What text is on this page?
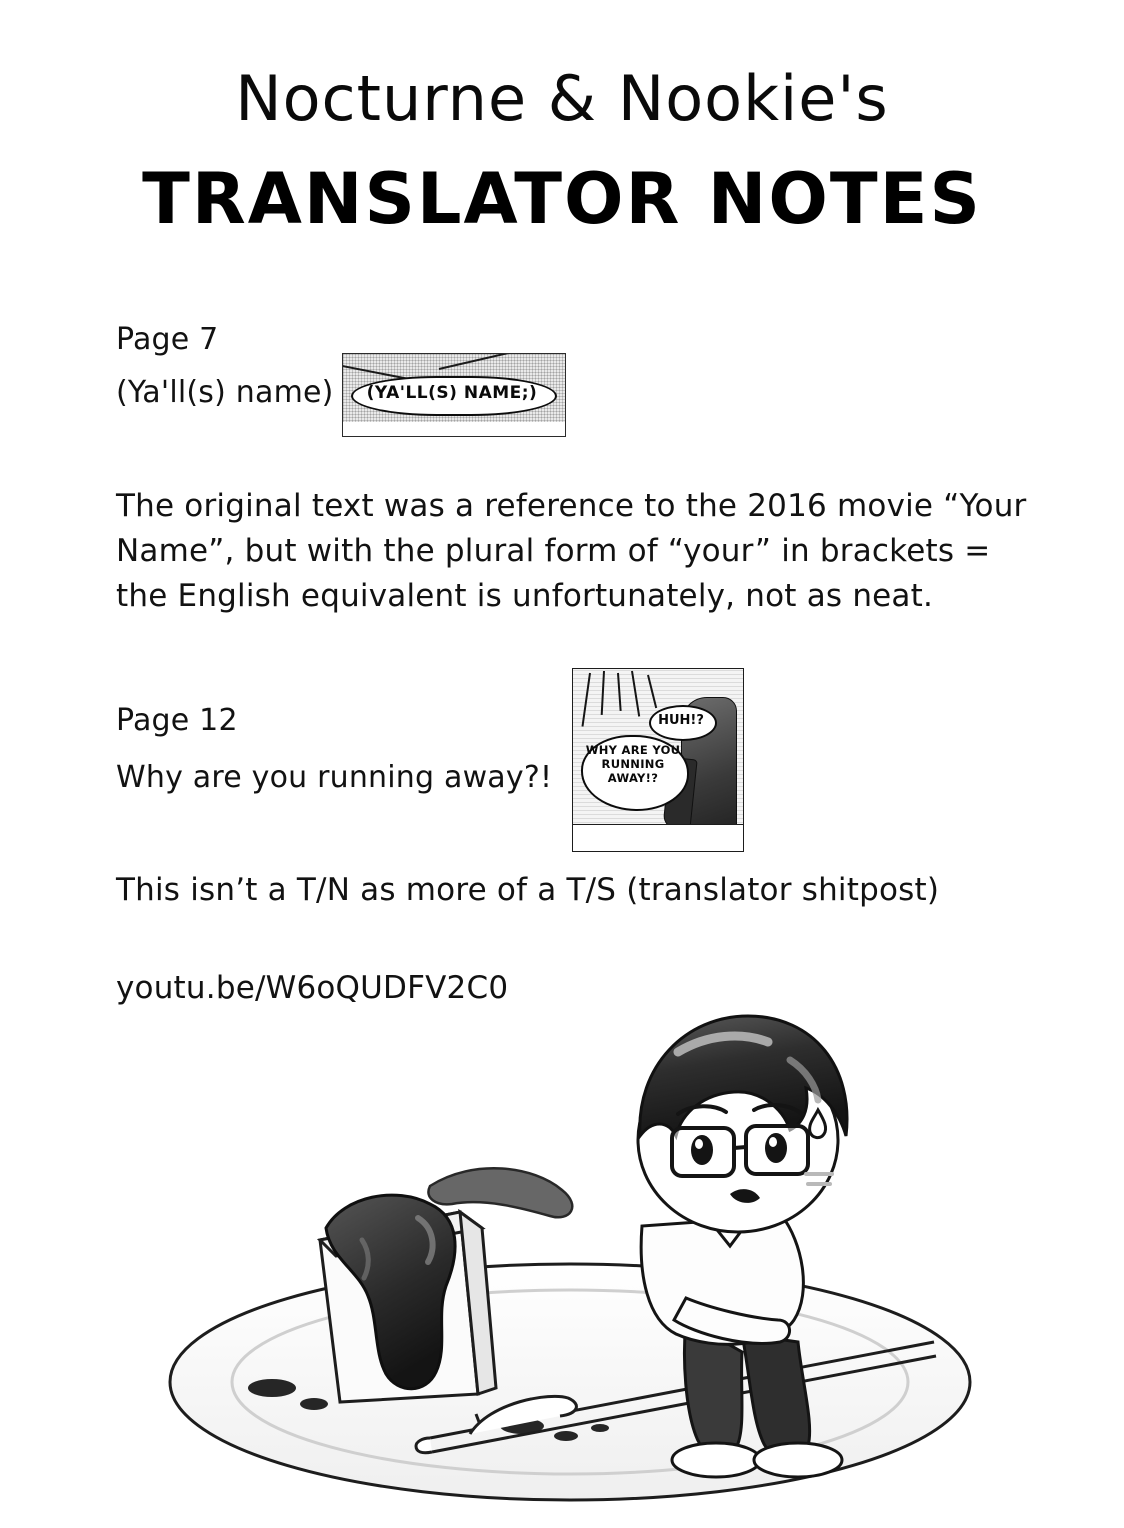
Nocturne & Nookie's
TRANSLATOR NOTES
Page 7
(Ya'll(s) name)	(YA'LL(S) NAME;)
The original text was a reference to the 2016 movie “Your Name”, but with the plural form of “your” in brackets = the English equivalent is unfortunately, not as neat.
Page 12
Why are you running away?!
HUH!?
WHY ARE YOU RUNNING AWAY!?
This isn’t a T/N as more of a T/S (translator shitpost)
youtu.be/W6oQUDFV2C0
